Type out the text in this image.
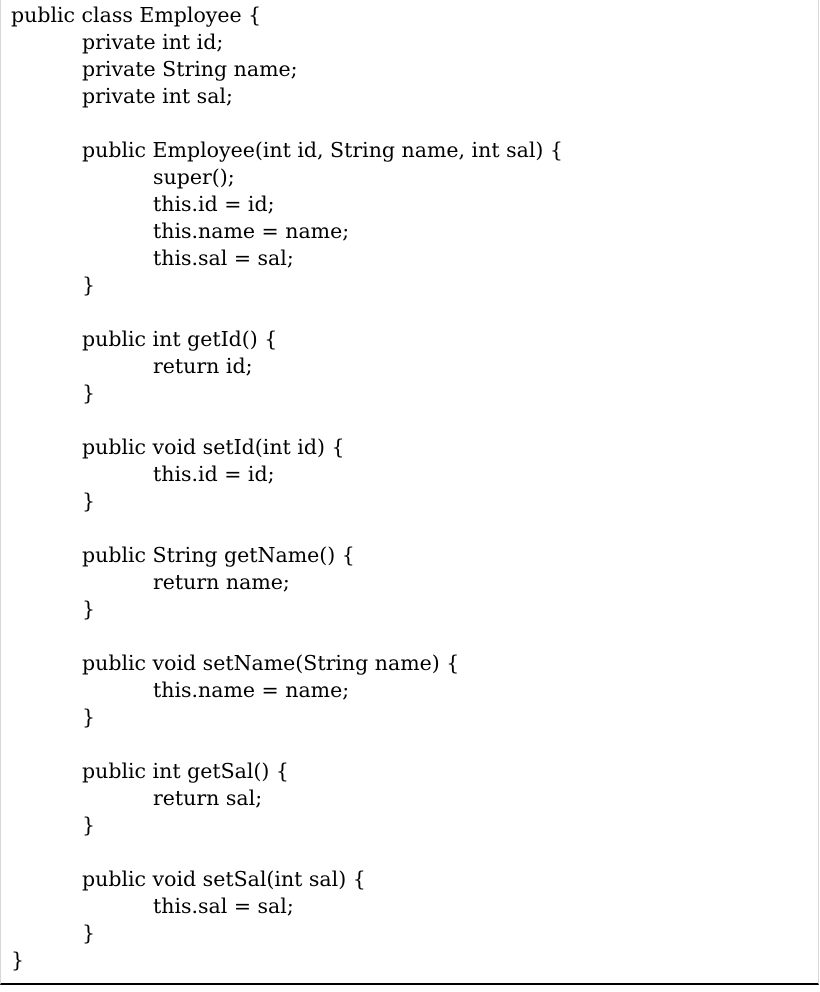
public class Employee {
private int id;
private String name;
private int sal;
public Employee(int id, String name, int sal) {
super();
this.id = id;
this.name = name;
this.sal = sal;
}
public int getId() {
return id;
}
public void setId(int id) {
this.id = id;
}
public String getName() {
return name;
}
public void setName(String name) {
this.name = name;
}
public int getSal() {
return sal;
}
public void setSal(int sal) {
this.sal = sal;
}
}
